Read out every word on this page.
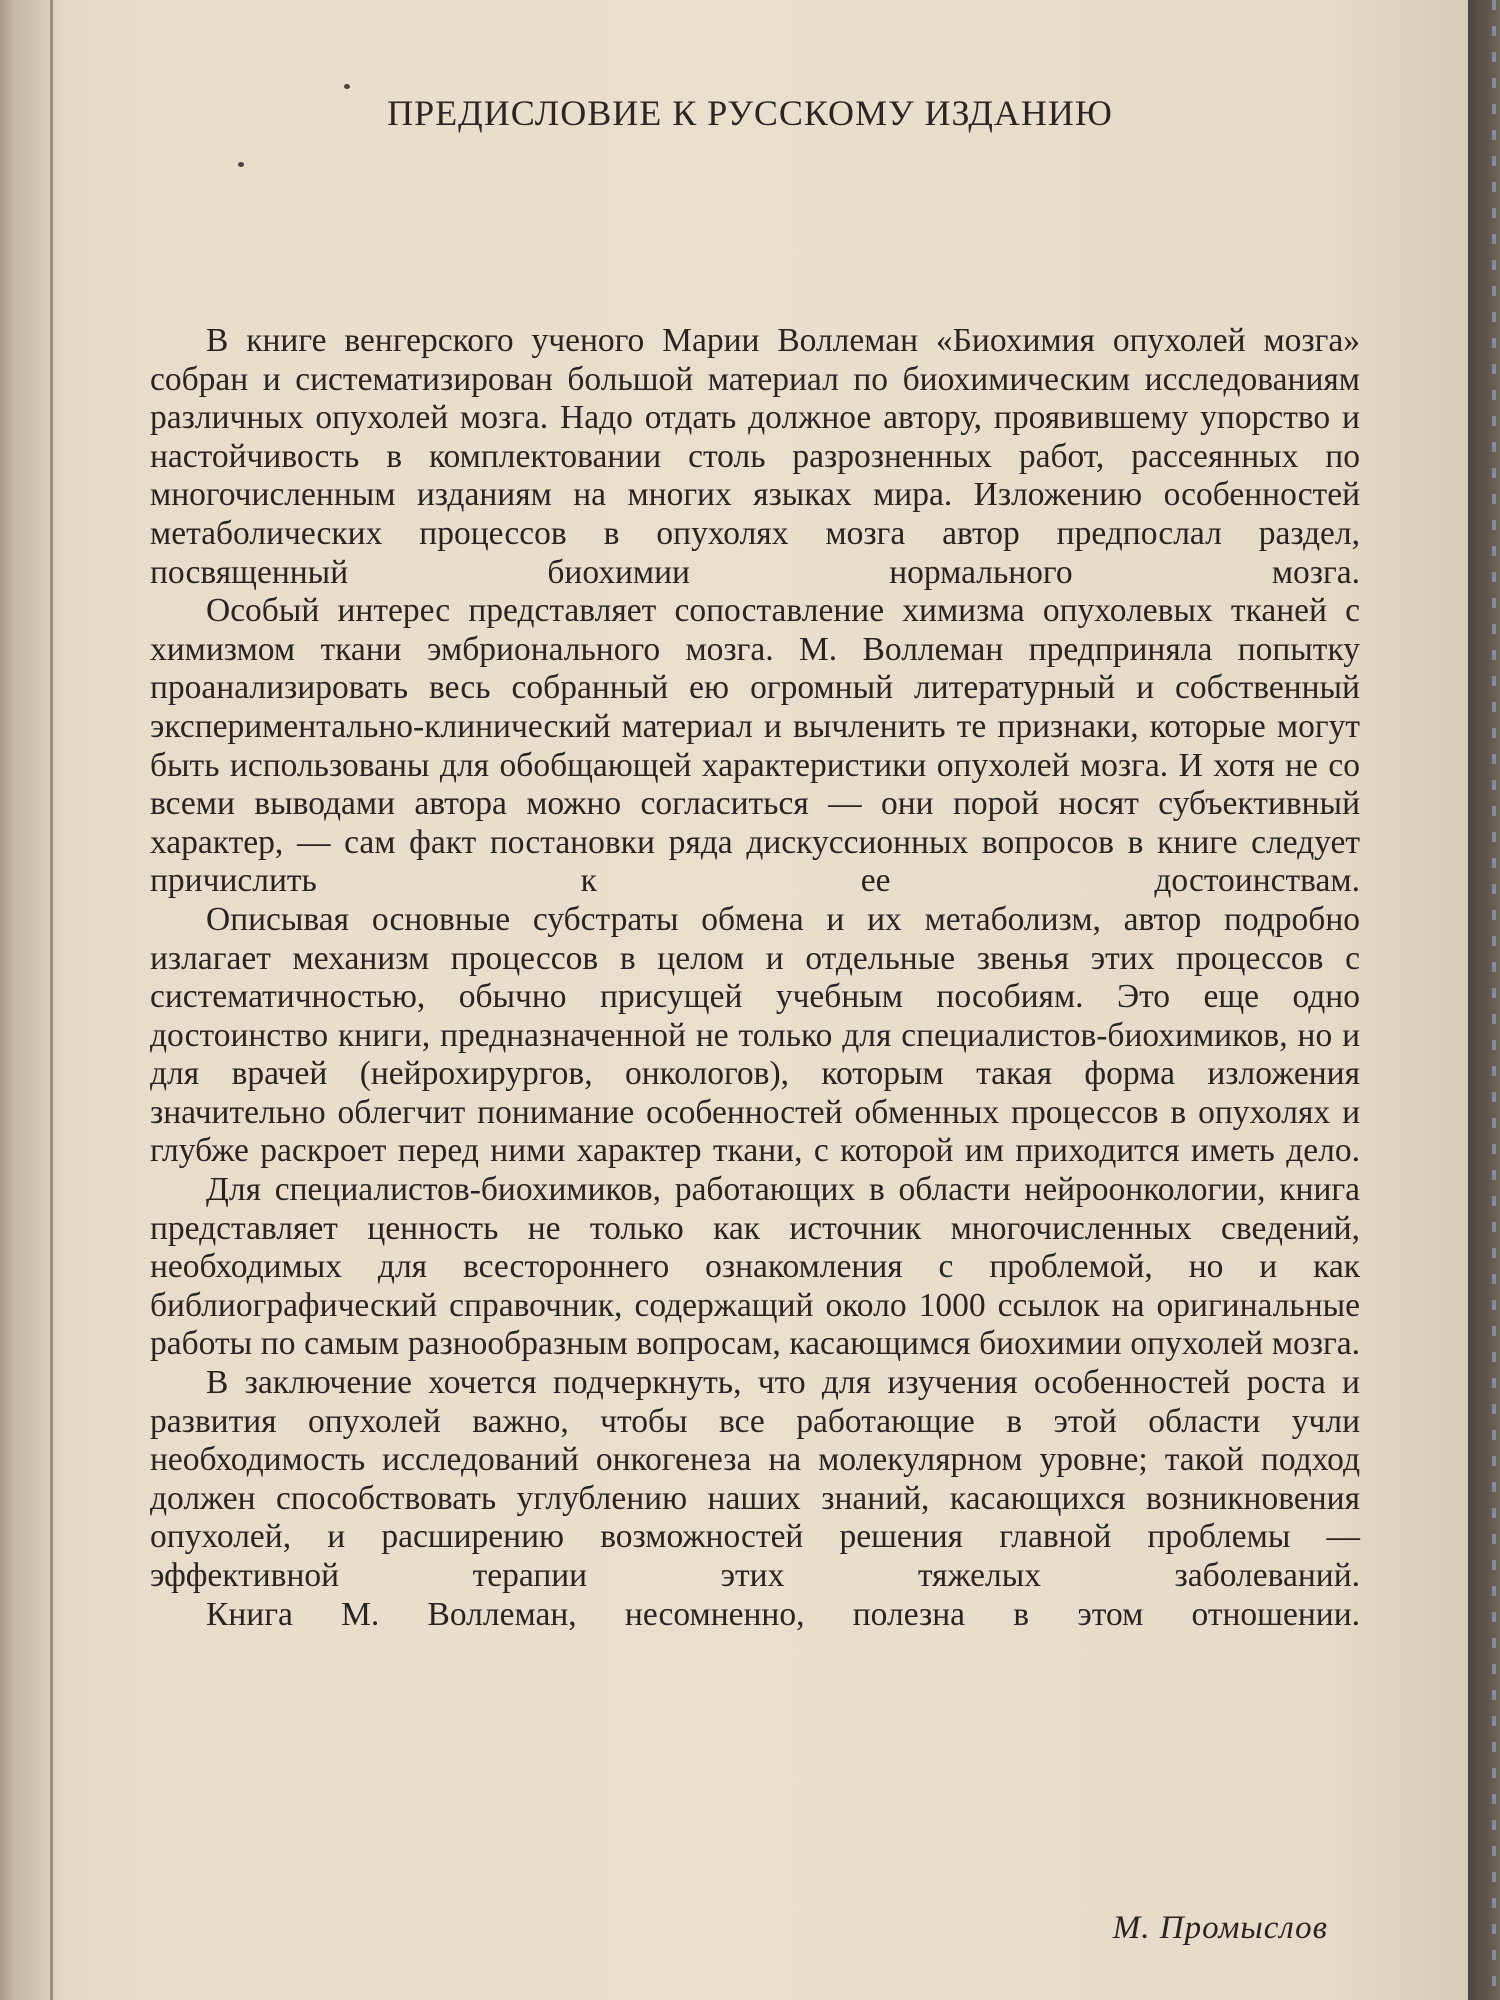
ПРЕДИСЛОВИЕ К РУССКОМУ ИЗДАНИЮ

В книге венгерского ученого Марии Воллеман «Биохимия опухолей мозга» собран и систематизирован большой материал по биохимическим исследованиям различных опухолей мозга. Надо отдать должное автору, проявившему упорство и настойчивость в комплектовании столь разрозненных работ, рассеянных по многочисленным изданиям на многих языках мира. Изложению особенностей метаболических процессов в опухолях мозга автор предпослал раздел, посвященный биохимии нормального мозга.

Особый интерес представляет сопоставление химизма опухолевых тканей с химизмом ткани эмбрионального мозга. М. Воллеман предприняла попытку проанализировать весь собранный ею огромный литературный и собственный экспериментально-клинический материал и вычленить те признаки, которые могут быть использованы для обобщающей характеристики опухолей мозга. И хотя не со всеми выводами автора можно согласиться — они порой носят субъективный характер, — сам факт постановки ряда дискуссионных вопросов в книге следует причислить к ее достоинствам.

Описывая основные субстраты обмена и их метаболизм, автор подробно излагает механизм процессов в целом и отдельные звенья этих процессов с систематичностью, обычно присущей учебным пособиям. Это еще одно достоинство книги, предназначенной не только для специалистов-биохимиков, но и для врачей (нейрохирургов, онкологов), которым такая форма изложения значительно облегчит понимание особенностей обменных процессов в опухолях и глубже раскроет перед ними характер ткани, с которой им приходится иметь дело.

Для специалистов-биохимиков, работающих в области нейроонкологии, книга представляет ценность не только как источник многочисленных сведений, необходимых для всестороннего ознакомления с проблемой, но и как библиографический справочник, содержащий около 1000 ссылок на оригинальные работы по самым разнообразным вопросам, касающимся биохимии опухолей мозга.

В заключение хочется подчеркнуть, что для изучения особенностей роста и развития опухолей важно, чтобы все работающие в этой области учли необходимость исследований онкогенеза на молекулярном уровне; такой подход должен способствовать углублению наших знаний, касающихся возникновения опухолей, и расширению возможностей решения главной проблемы — эффективной терапии этих тяжелых заболеваний.

Книга М. Воллеман, несомненно, полезна в этом отношении.

М. Промыслов
